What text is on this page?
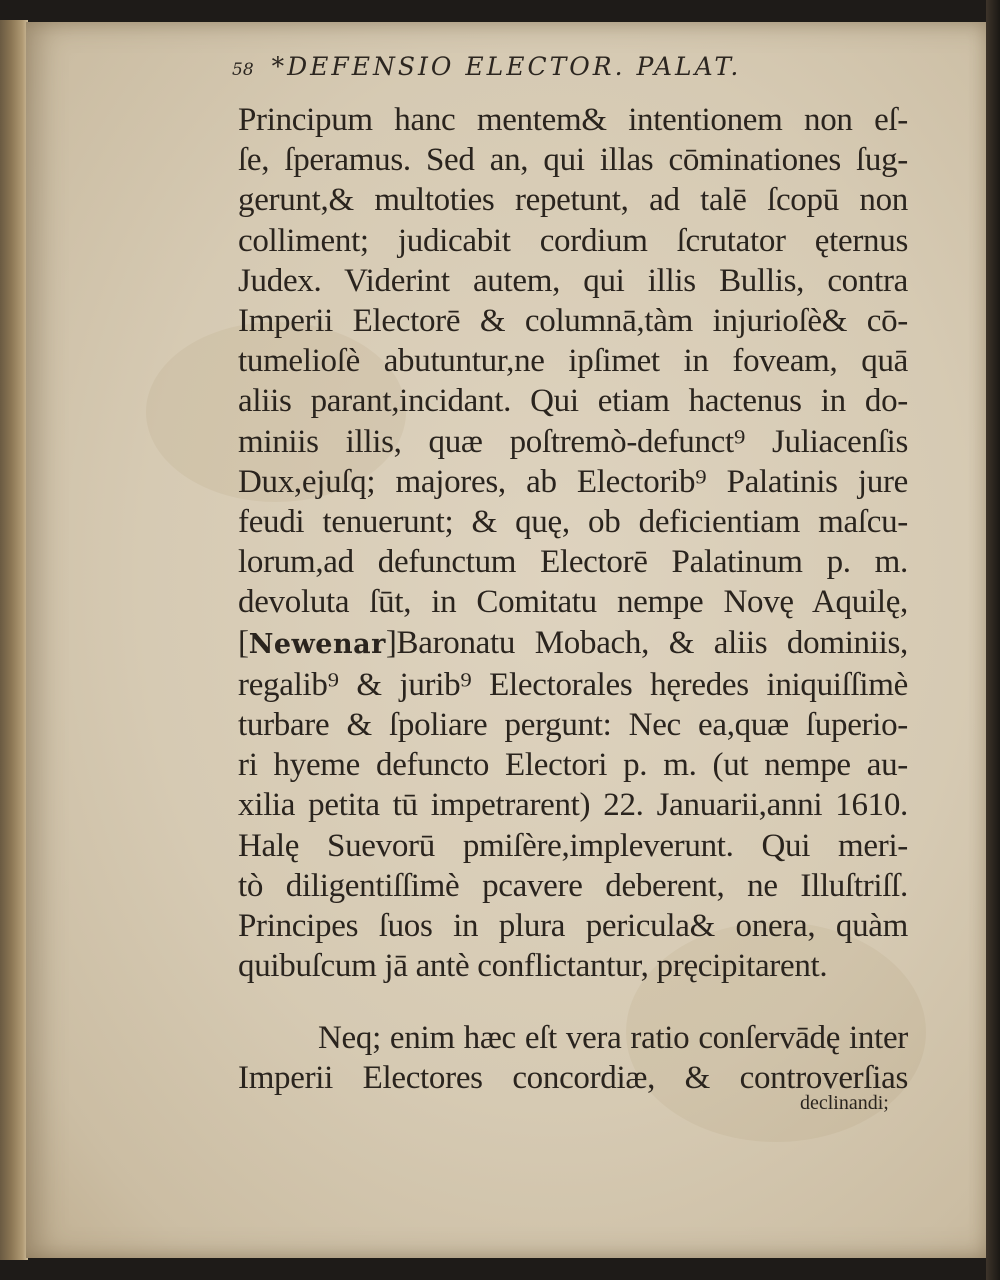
58 *DEFENSIO ELECTOR. PALAT.
Principum hanc mentem& intentionem non eſ-
ſe, ſperamus. Sed an, qui illas cōminationes ſug-
gerunt,& multoties repetunt, ad talē ſcopū non
colliment; judicabit cordium ſcrutator ęternus
Judex. Viderint autem, qui illis Bullis, contra
Imperii Electorē & columnā,tàm injurioſè& cō-
tumelioſè abutuntur,ne ipſimet in foveam, quā
aliis parant,incidant. Qui etiam hactenus in do-
miniis illis, quæ poſtremò-defunct⁹ Juliacenſis
Dux,ejuſq; majores, ab Electorib⁹ Palatinis jure
feudi tenuerunt; & quę, ob deficientiam maſcu-
lorum,ad defunctum Electorē Palatinum p. m.
devoluta ſūt, in Comitatu nempe Novę Aquilę,
[Newenar]Baronatu Mobach, & aliis dominiis,
regalib⁹ & jurib⁹ Electorales hęredes iniquiſſimè
turbare & ſpoliare pergunt: Nec ea,quæ ſuperio-
ri hyeme defuncto Electori p. m. (ut nempe au-
xilia petita tū impetrarent) 22. Januarii,anni 1610.
Halę Suevorū pmiſère,impleverunt. Qui meri-
tò diligentiſſimè pcavere deberent, ne Illuſtriſſ.
Principes ſuos in plura pericula& onera, quàm
quibuſcum jā antè conflictantur, pręcipitarent.
Neq; enim hæc eſt vera ratio conſervādę inter
Imperii Electores concordiæ, & controverſias
declinandi;
